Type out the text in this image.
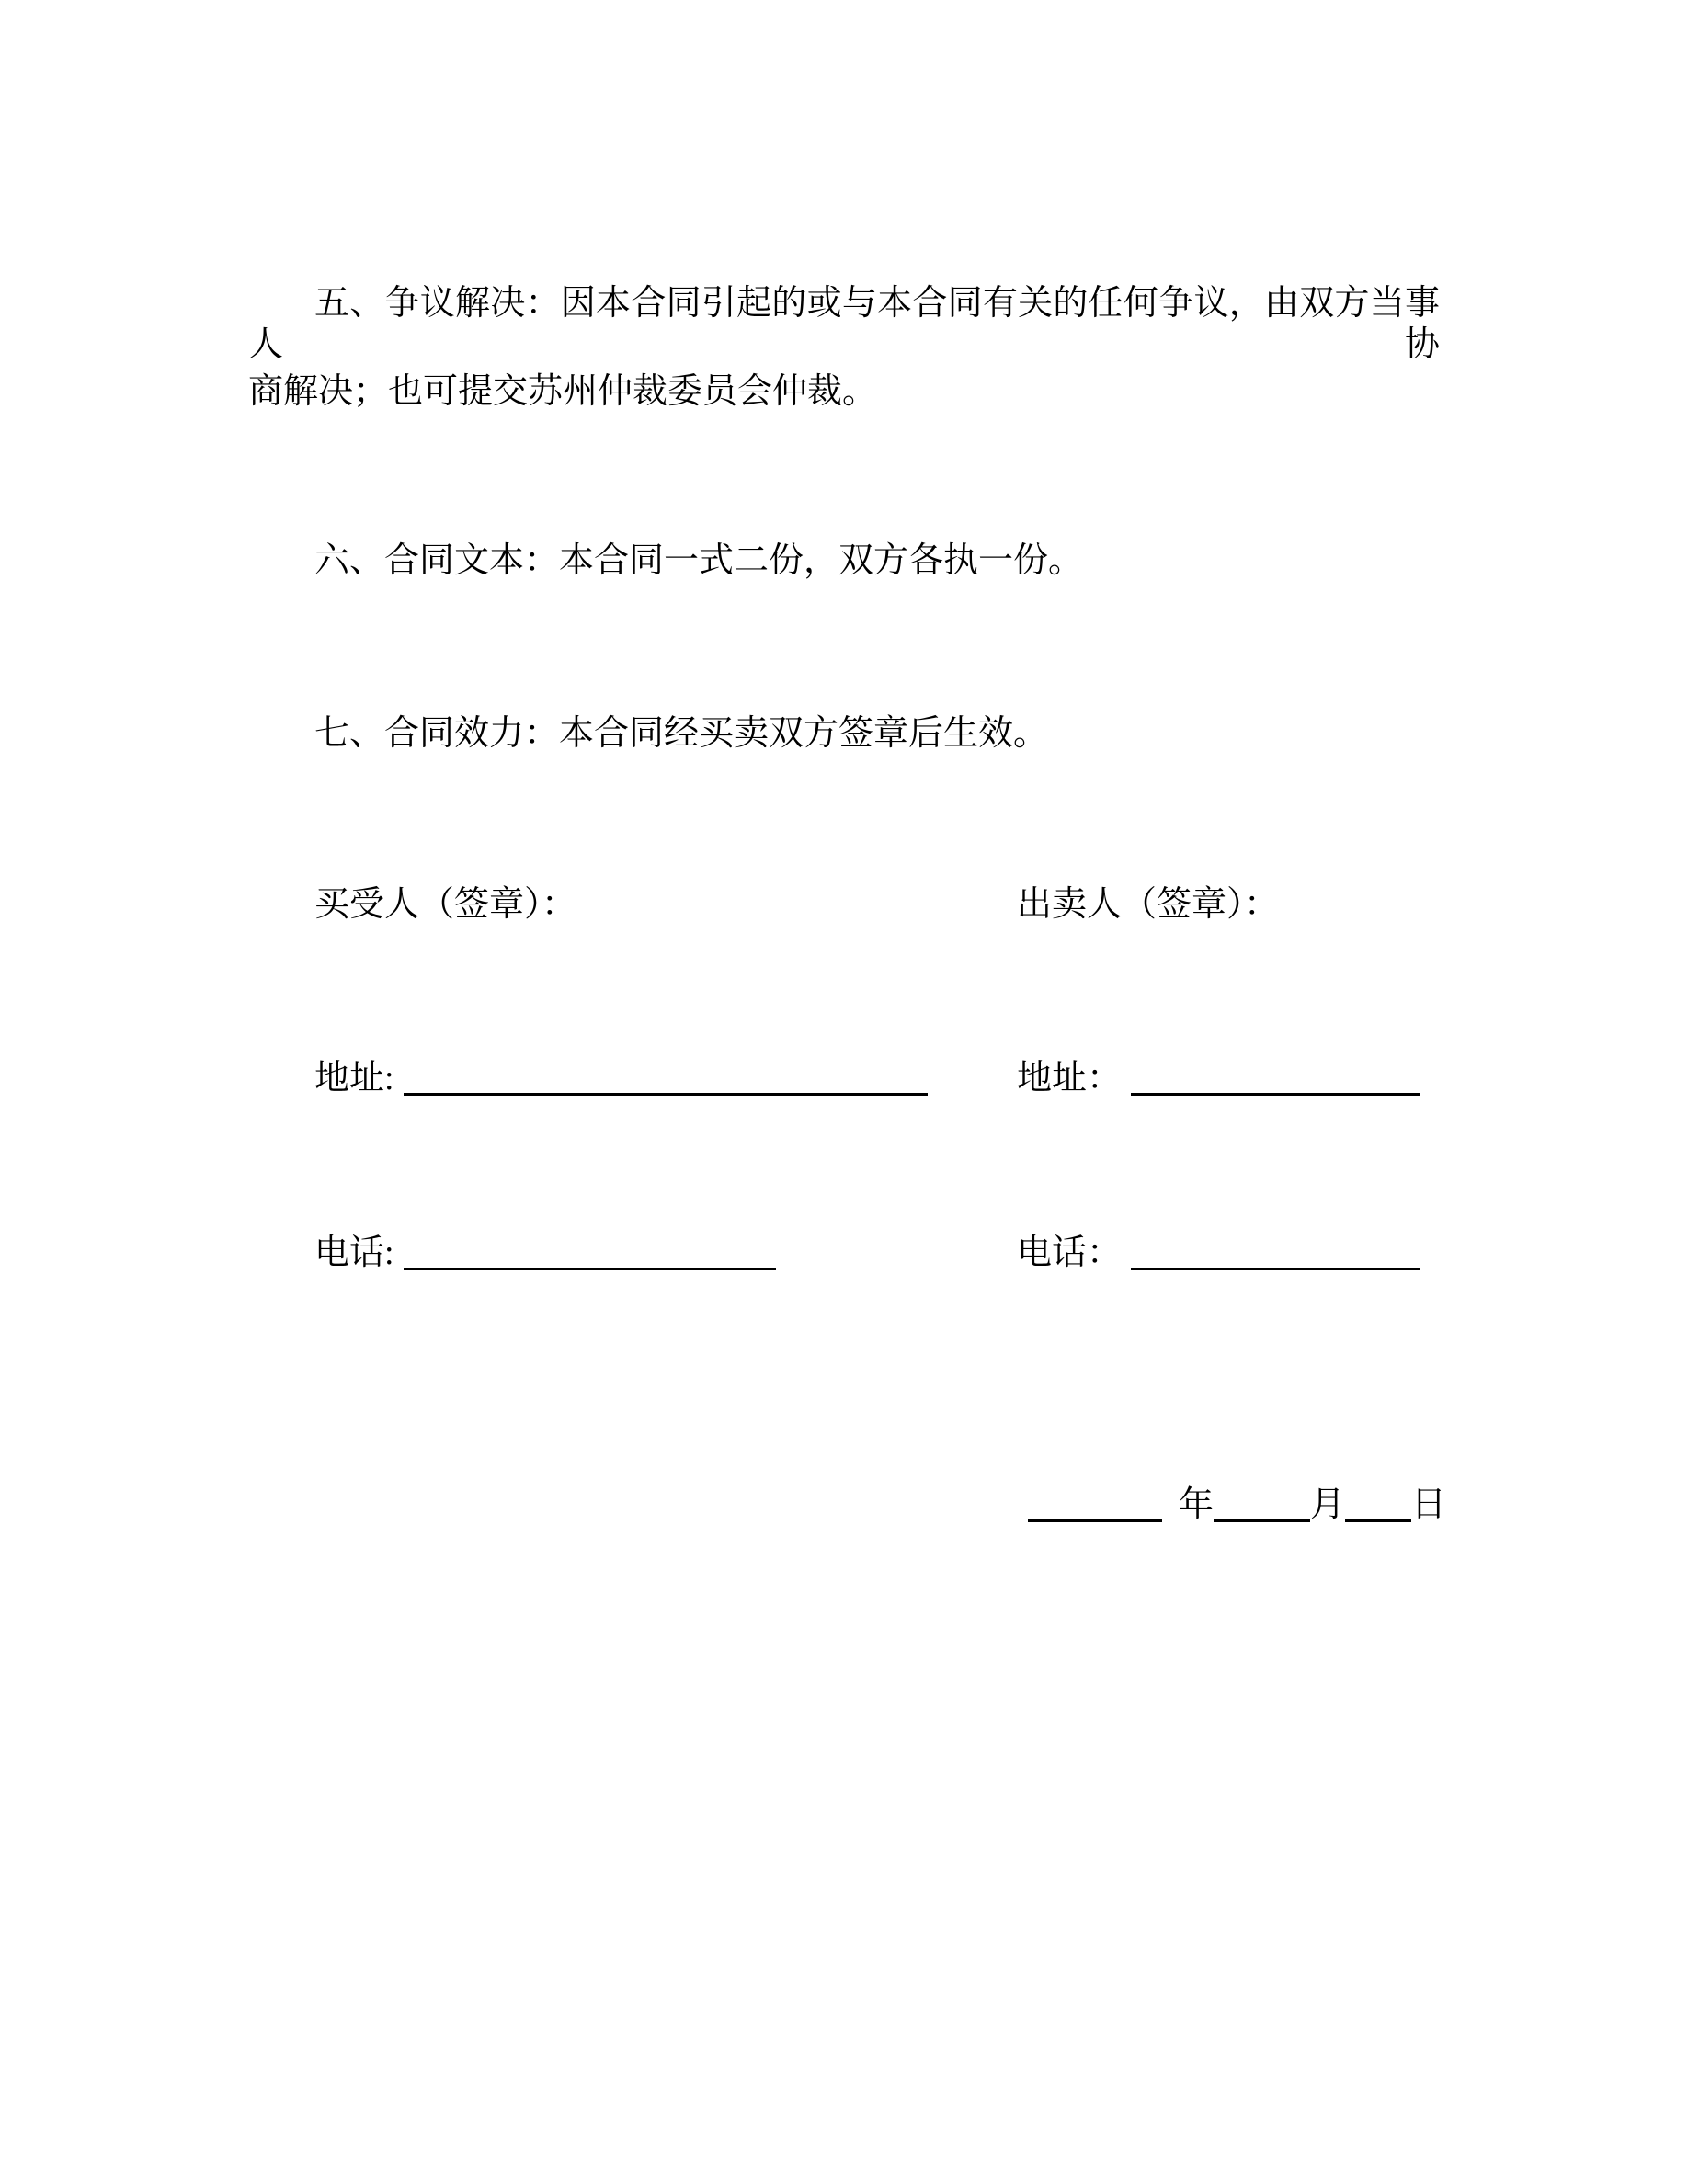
五、争议解决：因本合同引起的或与本合同有关的任何争议，由双方当事人协
商解决；也可提交苏州仲裁委员会仲裁。
六、合同文本：本合同一式二份，双方各执一份。
七、合同效力：本合同经买卖双方签章后生效。
买受人（签章）：	出卖人（签章）：
地址:	地址：
电话:	电话：
年	月 日
